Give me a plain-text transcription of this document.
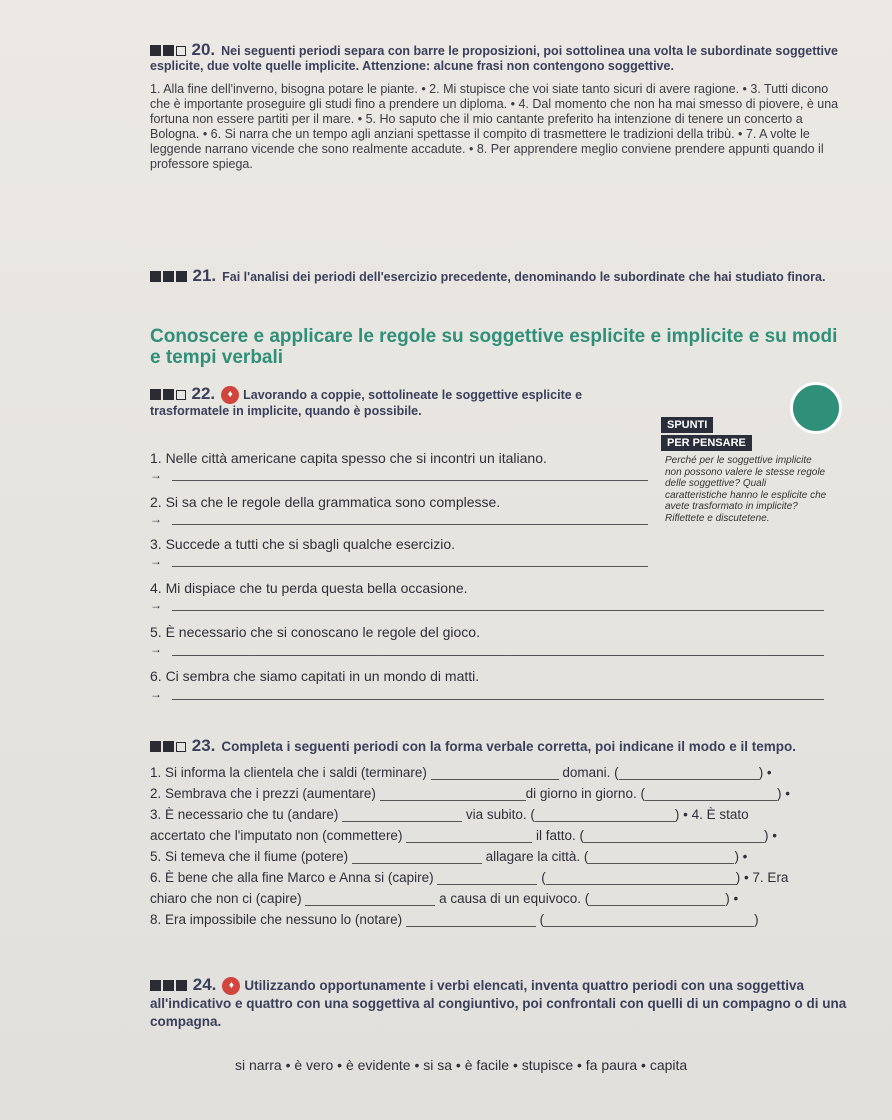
20. Nei seguenti periodi separa con barre le proposizioni, poi sottolinea una volta le subordinate soggettive esplicite, due volte quelle implicite. Attenzione: alcune frasi non contengono soggettive.
1. Alla fine dell'inverno, bisogna potare le piante. • 2. Mi stupisce che voi siate tanto sicuri di avere ragione. • 3. Tutti dicono che è importante proseguire gli studi fino a prendere un diploma. • 4. Dal momento che non ha mai smesso di piovere, è una fortuna non essere partiti per il mare. • 5. Ho saputo che il mio cantante preferito ha intenzione di tenere un concerto a Bologna. • 6. Si narra che un tempo agli anziani spettasse il compito di trasmettere le tradizioni della tribù. • 7. A volte le leggende narrano vicende che sono realmente accadute. • 8. Per apprendere meglio conviene prendere appunti quando il professore spiega.
21. Fai l'analisi dei periodi dell'esercizio precedente, denominando le subordinate che hai studiato finora.
Conoscere e applicare le regole su soggettive esplicite e implicite e su modi e tempi verbali
22. ♦ Lavorando a coppie, sottolineate le soggettive esplicite e trasformatele in implicite, quando è possibile.
1. Nelle città americane capita spesso che si incontri un italiano.
→
2. Si sa che le regole della grammatica sono complesse.
→
3. Succede a tutti che si sbagli qualche esercizio.
→
4. Mi dispiace che tu perda questa bella occasione.
→
5. È necessario che si conoscano le regole del gioco.
→
6. Ci sembra che siamo capitati in un mondo di matti.
→
SPUNTI
PER PENSARE
Perché per le soggettive implicite non possono valere le stesse regole delle soggettive? Quali caratteristiche hanno le esplicite che avete trasformato in implicite? Riflettete e discutetene.
23. Completa i seguenti periodi con la forma verbale corretta, poi indicane il modo e il tempo.
1. Si informa la clientela che i saldi (terminare)	domani. (	) •
2. Sembrava che i prezzi (aumentare)	di giorno in giorno. (	) •
3. È necessario che tu (andare)	via subito. (	) • 4. È stato
accertato che l'imputato non (commettere)	il fatto. (	) •
5. Si temeva che il fiume (potere)	allagare la città. (	) •
6. È bene che alla fine Marco e Anna si (capire)	(	) • 7. Era
chiaro che non ci (capire)	a causa di un equivoco. (	) •
8. Era impossibile che nessuno lo (notare)	(	)
24. ♦ Utilizzando opportunamente i verbi elencati, inventa quattro periodi con una soggettiva all'indicativo e quattro con una soggettiva al congiuntivo, poi confrontali con quelli di un compagno o di una compagna.
si narra • è vero • è evidente • si sa • è facile • stupisce • fa paura • capita
